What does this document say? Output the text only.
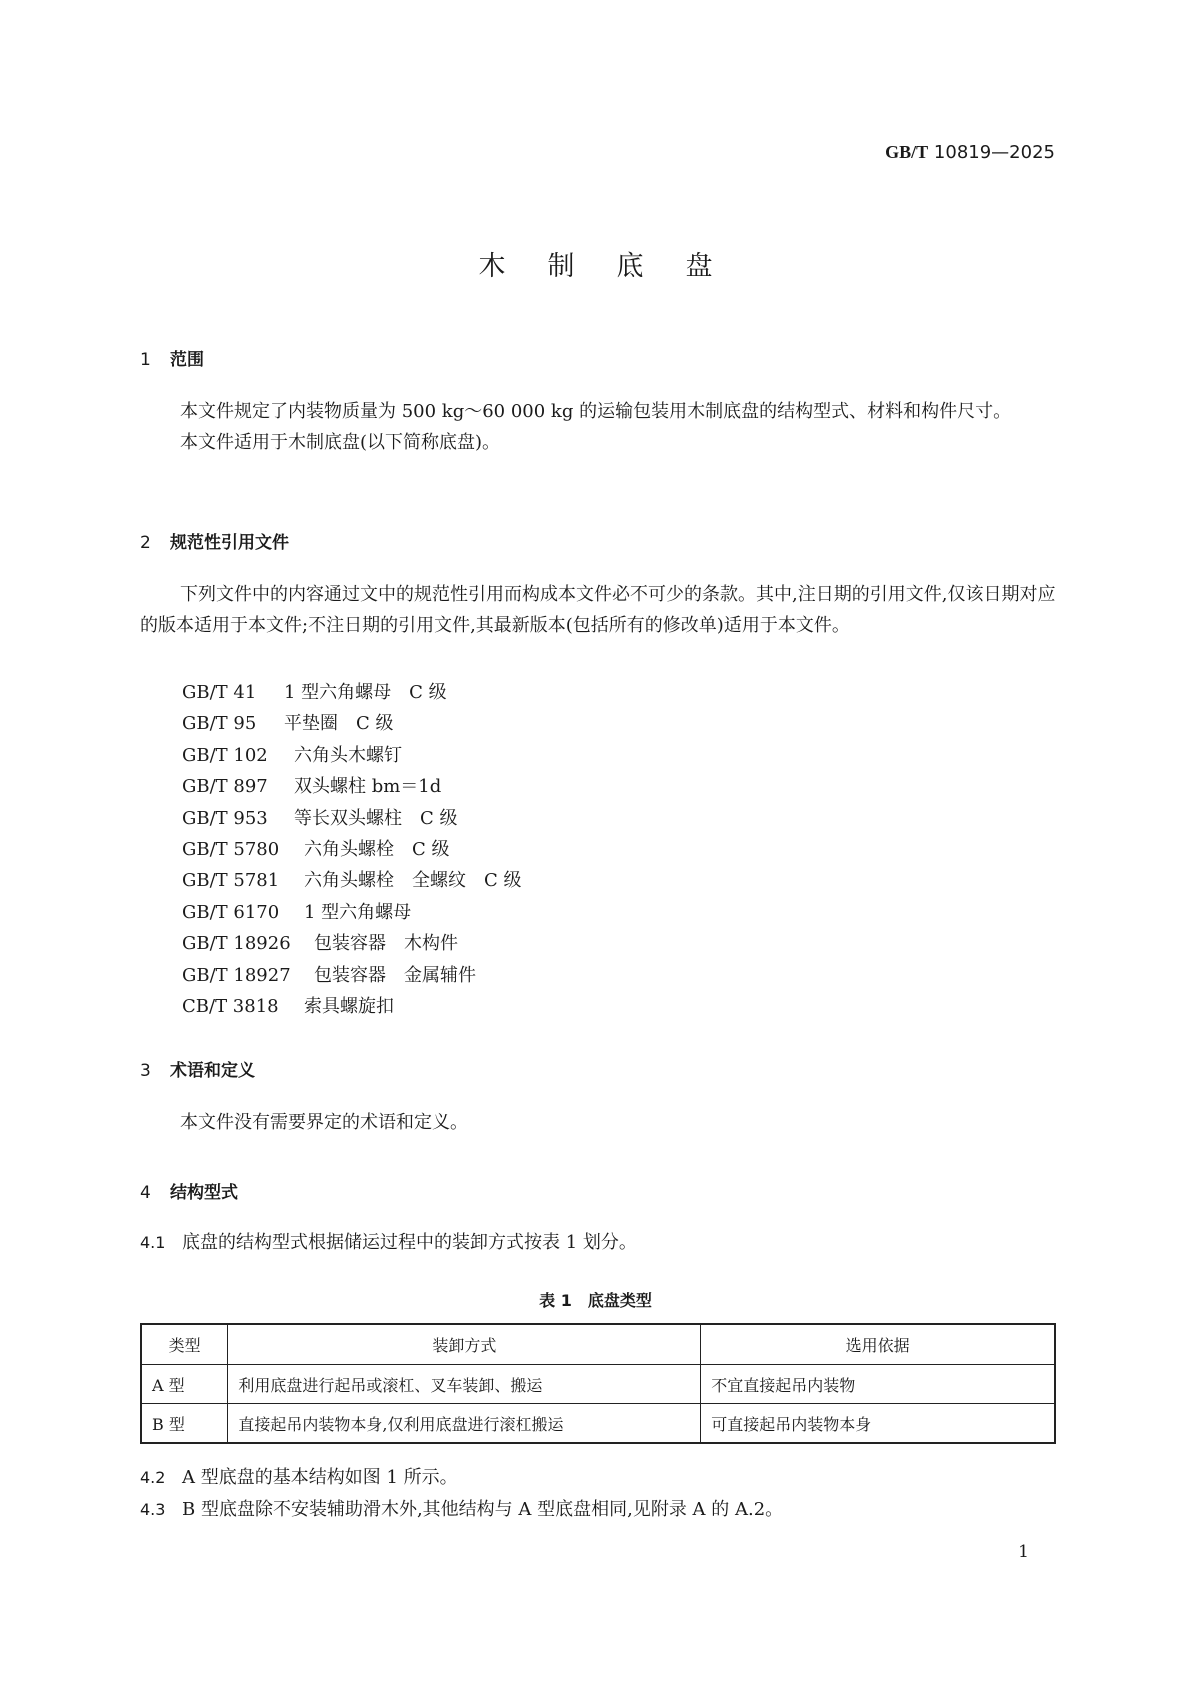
GB/T 10819—2025
木制底盘
1 范围

本文件规定了内装物质量为 500 kg～60 000 kg 的运输包装用木制底盘的结构型式、材料和构件尺寸。

本文件适用于木制底盘(以下简称底盘)。

2 规范性引用文件

下列文件中的内容通过文中的规范性引用而构成本文件必不可少的条款。其中,注日期的引用文件,仅该日期对应的版本适用于本文件;不注日期的引用文件,其最新版本(包括所有的修改单)适用于本文件。

GB/T 41 1 型六角螺母　C 级
GB/T 95 平垫圈　C 级
GB/T 102 六角头木螺钉
GB/T 897 双头螺柱 bm＝1d
GB/T 953 等长双头螺柱　C 级
GB/T 5780 六角头螺栓　C 级
GB/T 5781 六角头螺栓　全螺纹　C 级
GB/T 6170 1 型六角螺母
GB/T 18926 包装容器　木构件
GB/T 18927 包装容器　金属辅件
CB/T 3818 索具螺旋扣
3 术语和定义

本文件没有需要界定的术语和定义。

4 结构型式
4.1 底盘的结构型式根据储运过程中的装卸方式按表 1 划分。
表 1　底盘类型
类型	装卸方式	选用依据
A 型	利用底盘进行起吊或滚杠、叉车装卸、搬运	不宜直接起吊内装物
B 型	直接起吊内装物本身,仅利用底盘进行滚杠搬运	可直接起吊内装物本身
4.2 A 型底盘的基本结构如图 1 所示。
4.3 B 型底盘除不安装辅助滑木外,其他结构与 A 型底盘相同,见附录 A 的 A.2。
1
